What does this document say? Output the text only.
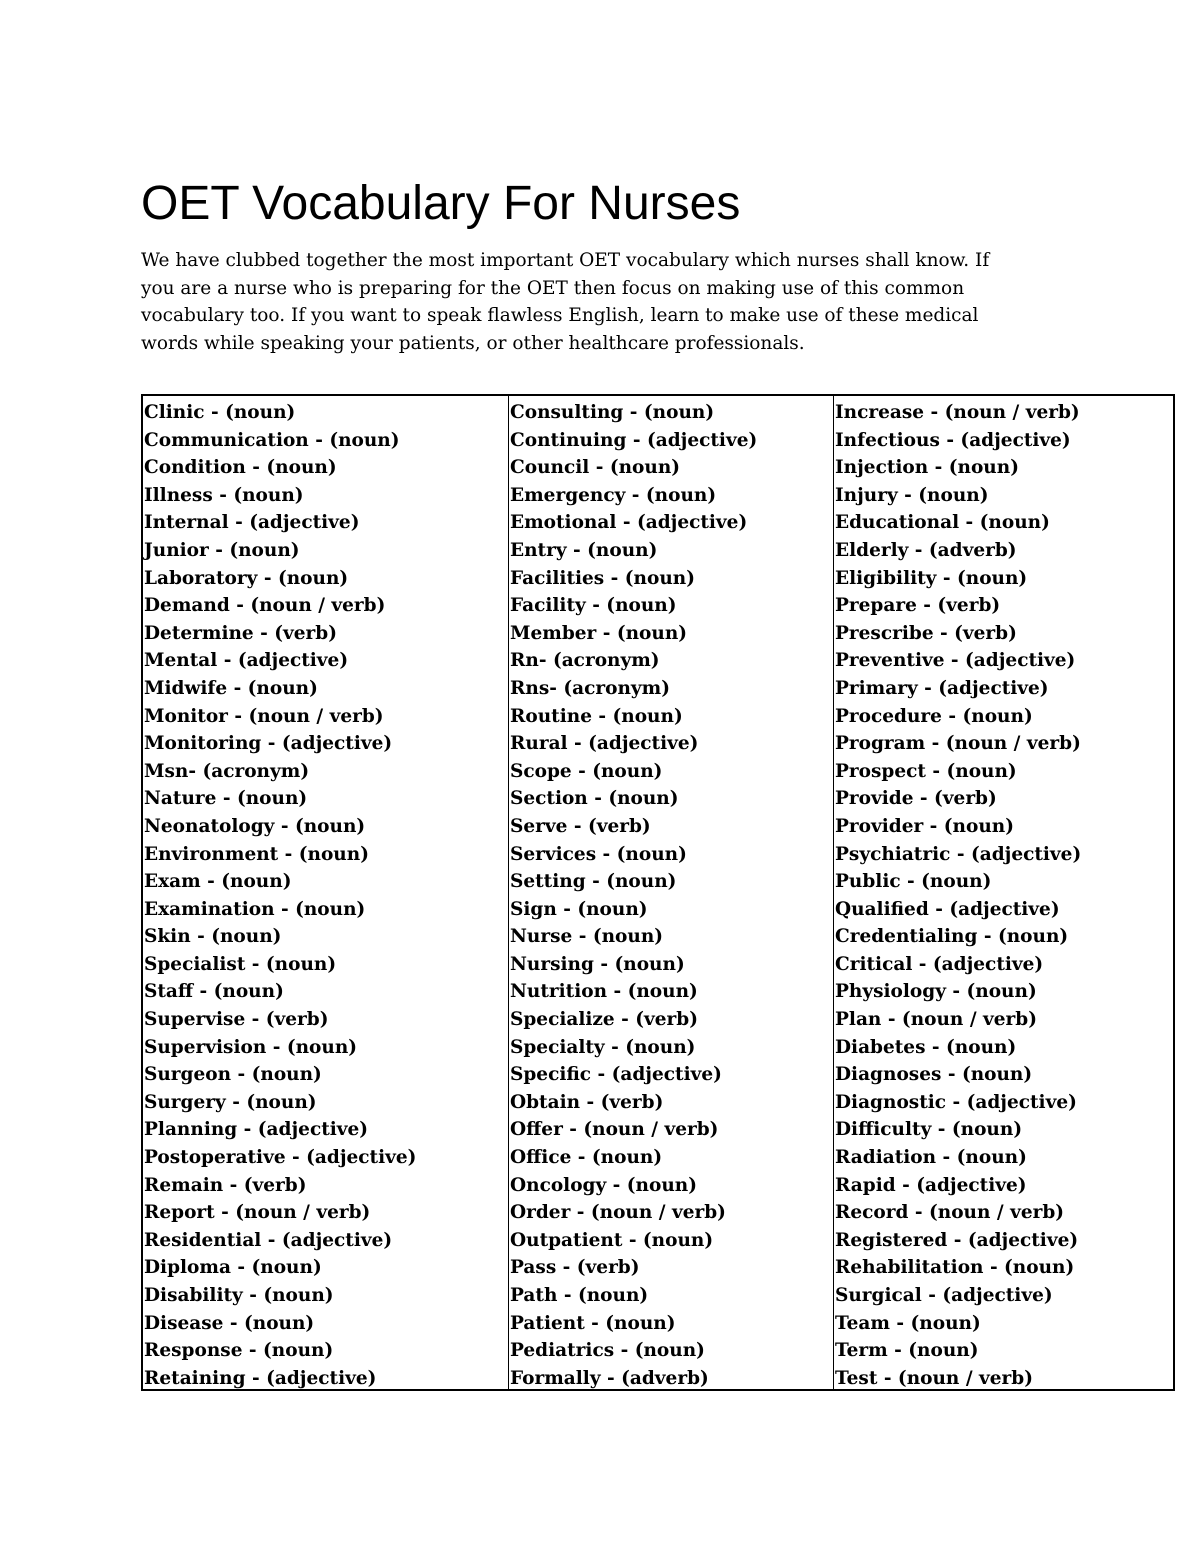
OET Vocabulary For Nurses
We have clubbed together the most important OET vocabulary which nurses shall know. If
you are a nurse who is preparing for the OET then focus on making use of this common
vocabulary too. If you want to speak flawless English, learn to make use of these medical
words while speaking your patients, or other healthcare professionals.
Clinic - (noun)
Communication - (noun)
Condition - (noun)
Illness - (noun)
Internal - (adjective)
Junior - (noun)
Laboratory - (noun)
Demand - (noun / verb)
Determine - (verb)
Mental - (adjective)
Midwife - (noun)
Monitor - (noun / verb)
Monitoring - (adjective)
Msn- (acronym)
Nature - (noun)
Neonatology - (noun)
Environment - (noun)
Exam - (noun)
Examination - (noun)
Skin - (noun)
Specialist - (noun)
Staff - (noun)
Supervise - (verb)
Supervision - (noun)
Surgeon - (noun)
Surgery - (noun)
Planning - (adjective)
Postoperative - (adjective)
Remain - (verb)
Report - (noun / verb)
Residential - (adjective)
Diploma - (noun)
Disability - (noun)
Disease - (noun)
Response - (noun)
Retaining - (adjective)
Consulting - (noun)
Continuing - (adjective)
Council - (noun)
Emergency - (noun)
Emotional - (adjective)
Entry - (noun)
Facilities - (noun)
Facility - (noun)
Member - (noun)
Rn- (acronym)
Rns- (acronym)
Routine - (noun)
Rural - (adjective)
Scope - (noun)
Section - (noun)
Serve - (verb)
Services - (noun)
Setting - (noun)
Sign - (noun)
Nurse - (noun)
Nursing - (noun)
Nutrition - (noun)
Specialize - (verb)
Specialty - (noun)
Specific - (adjective)
Obtain - (verb)
Offer - (noun / verb)
Office - (noun)
Oncology - (noun)
Order - (noun / verb)
Outpatient - (noun)
Pass - (verb)
Path - (noun)
Patient - (noun)
Pediatrics - (noun)
Formally - (adverb)
Increase - (noun / verb)
Infectious - (adjective)
Injection - (noun)
Injury - (noun)
Educational - (noun)
Elderly - (adverb)
Eligibility - (noun)
Prepare - (verb)
Prescribe - (verb)
Preventive - (adjective)
Primary - (adjective)
Procedure - (noun)
Program - (noun / verb)
Prospect - (noun)
Provide - (verb)
Provider - (noun)
Psychiatric - (adjective)
Public - (noun)
Qualified - (adjective)
Credentialing - (noun)
Critical - (adjective)
Physiology - (noun)
Plan - (noun / verb)
Diabetes - (noun)
Diagnoses - (noun)
Diagnostic - (adjective)
Difficulty - (noun)
Radiation - (noun)
Rapid - (adjective)
Record - (noun / verb)
Registered - (adjective)
Rehabilitation - (noun)
Surgical - (adjective)
Team - (noun)
Term - (noun)
Test - (noun / verb)
